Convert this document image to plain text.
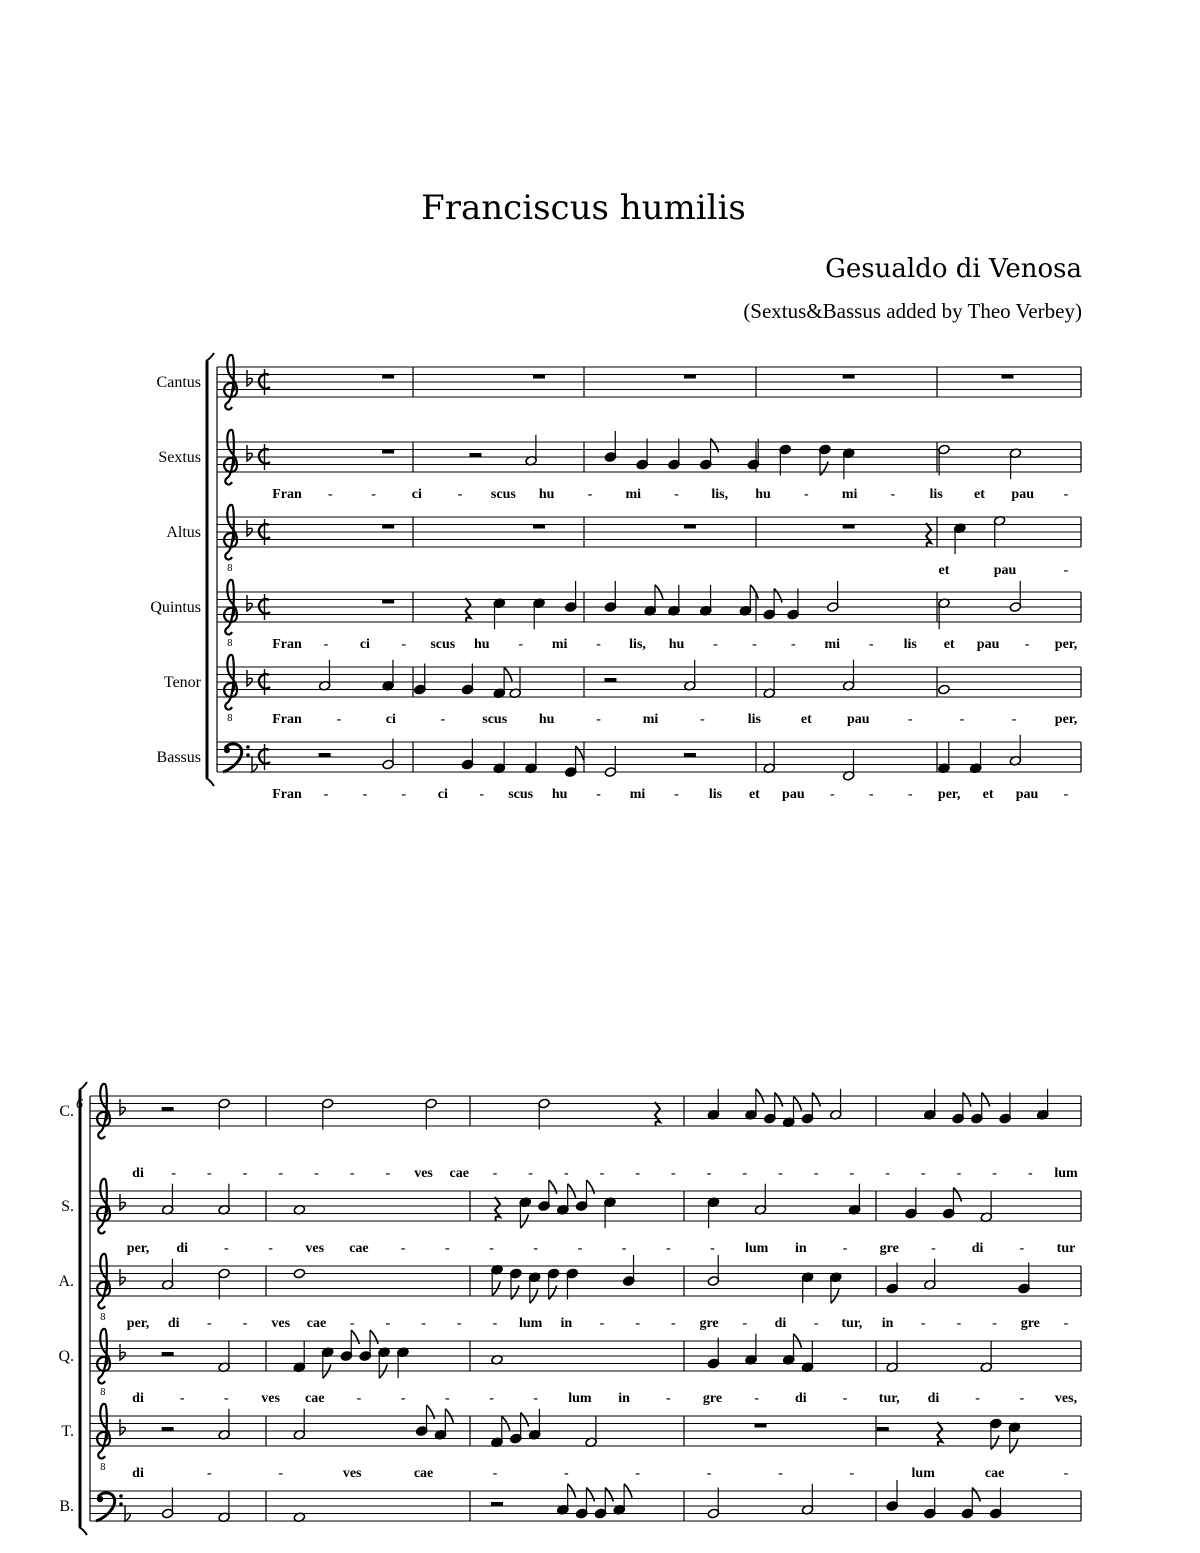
Franciscus humilis
Gesualdo di Venosa
(Sextus&Bassus added by Theo Verbey)
Cantus
Sextus
Fran -	-	ci	- scus hu - mi - lis, hu - mi - lis et pau -
Altus
8	et	pau	-
Quintus
8	Fran - ci - scus hu - mi - lis, hu - - - mi - lis et pau - per,
Tenor
8	Fran -	ci	-	scus hu	-	mi	-	lis	et	pau	-	-	-	per,
Bassus
Fran - - - ci - scus hu - mi - lis et pau - - - per, et pau -
6
C.
di - - - - - - - ves cae - - - - - - - - - - - - - - - - lum
S.
per, di	-	- ves cae -	-	-	-	-	-	-	- lum in	- gre -	di	- tur
A.
8 per, di - - ves cae - - - - - lum in - - - gre - di - tur, in - - - gre -
Q.
8 di	-	- ves cae -	-	-	-	- lum in	- gre -	di	- tur, di	-	- ves,
T.
8 di	-	-	ves	cae	-	-	-	-	-	-	lum	cae	-
B.
